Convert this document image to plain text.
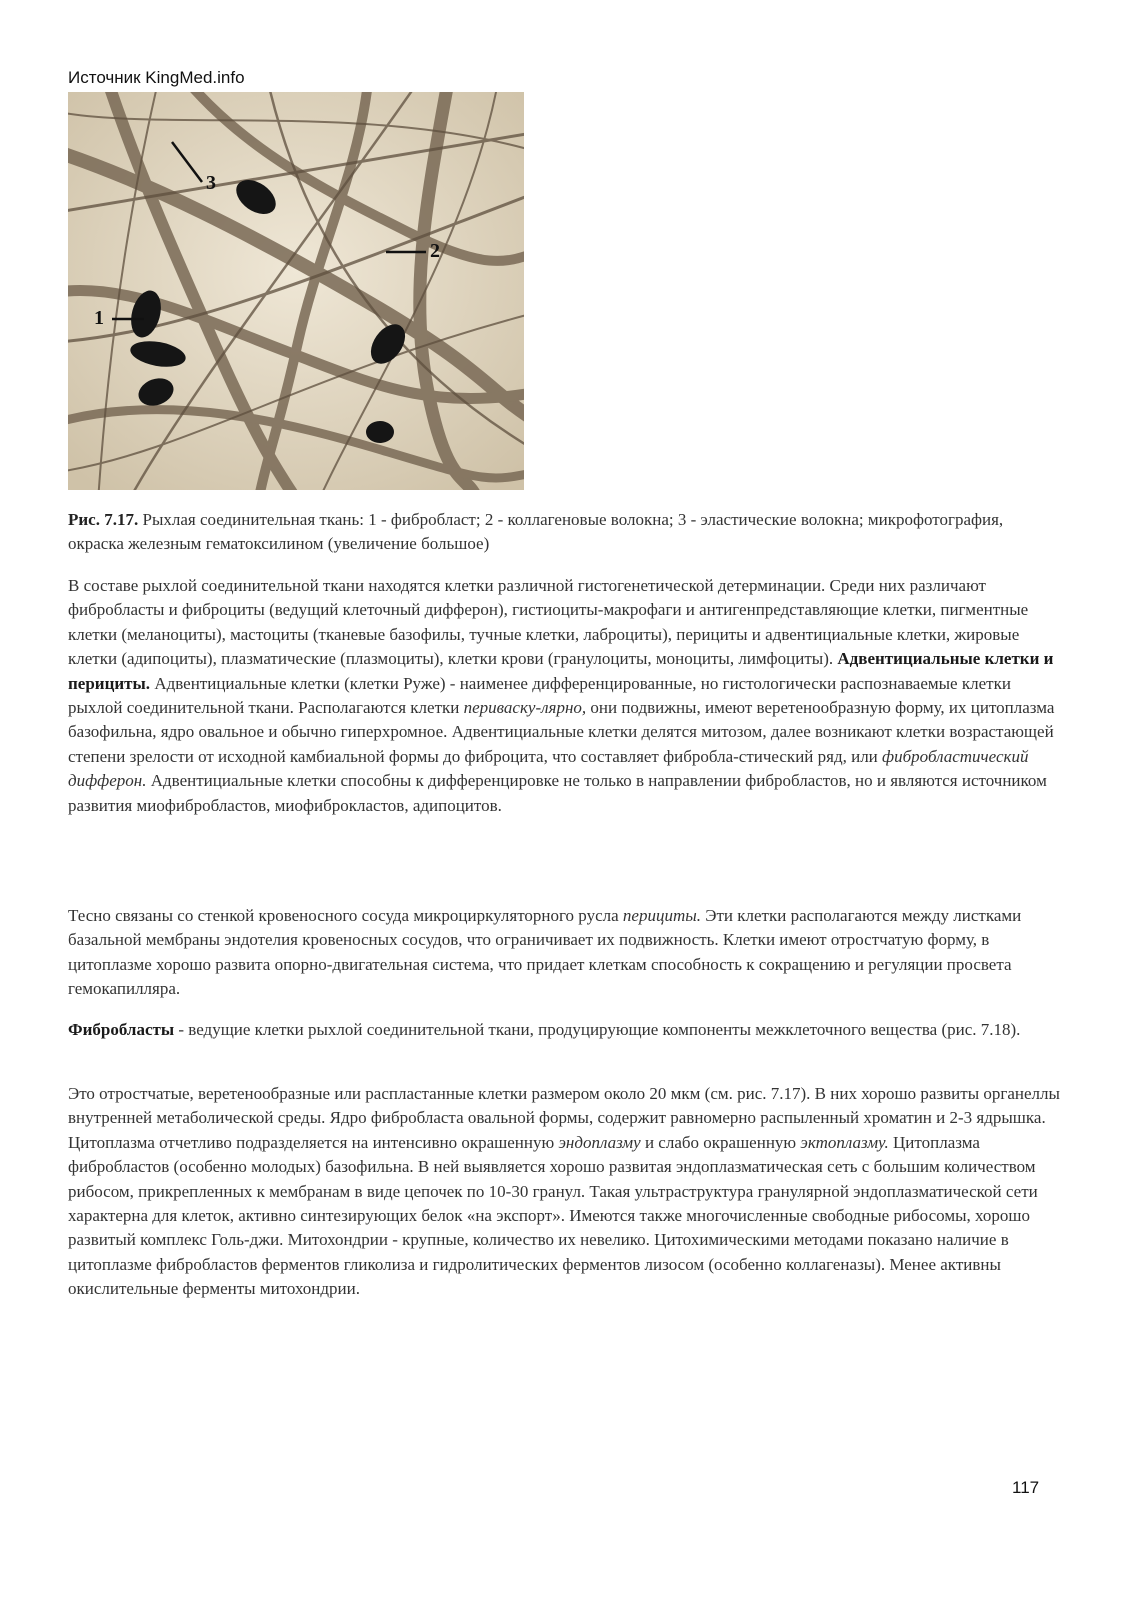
Источник KingMed.info
3
2
1
Рис. 7.17. Рыхлая соединительная ткань: 1 - фибробласт; 2 - коллагеновые волокна; 3 - эластические волокна; микрофотография, окраска железным гематоксилином (увеличение большое)

В составе рыхлой соединительной ткани находятся клетки различной гистогенетической детерминации. Среди них различают фибробласты и фиброциты (ведущий клеточный дифферон), гистиоциты-макрофаги и антигенпредставляющие клетки, пигментные клетки (меланоциты), мастоциты (тканевые базофилы, тучные клетки, лаброциты), перициты и адвентициальные клетки, жировые клетки (адипоциты), плазматические (плазмоциты), клетки крови (гранулоциты, моноциты, лимфоциты). Адвентициальные клетки и перициты. Адвентициальные клетки (клетки Руже) - наименее дифференцированные, но гистологически распознаваемые клетки рыхлой соединительной ткани. Располагаются клетки периваску-лярно, они подвижны, имеют веретенообразную форму, их цитоплазма базофильна, ядро овальное и обычно гиперхромное. Адвентициальные клетки делятся митозом, далее возникают клетки возрастающей степени зрелости от исходной камбиальной формы до фиброцита, что составляет фибробла-стический ряд, или фибробластический дифферон. Адвентициальные клетки способны к дифференцировке не только в направлении фибробластов, но и являются источником развития миофибробластов, миофиброкластов, адипоцитов.

Тесно связаны со стенкой кровеносного сосуда микроциркуляторного русла перициты. Эти клетки располагаются между листками базальной мембраны эндотелия кровеносных сосудов, что ограничивает их подвижность. Клетки имеют отростчатую форму, в цитоплазме хорошо развита опорно-двигательная система, что придает клеткам способность к сокращению и регуляции просвета гемокапилляра.

Фибробласты - ведущие клетки рыхлой соединительной ткани, продуцирующие компоненты межклеточного вещества (рис. 7.18).

Это отростчатые, веретенообразные или распластанные клетки размером около 20 мкм (см. рис. 7.17). В них хорошо развиты органеллы внутренней метаболической среды. Ядро фибробласта овальной формы, содержит равномерно распыленный хроматин и 2-3 ядрышка. Цитоплазма отчетливо подразделяется на интенсивно окрашенную эндоплазму и слабо окрашенную эктоплазму. Цитоплазма фибробластов (особенно молодых) базофильна. В ней выявляется хорошо развитая эндоплазматическая сеть с большим количеством рибосом, прикрепленных к мембранам в виде цепочек по 10-30 гранул. Такая ультраструктура гранулярной эндоплазматической сети характерна для клеток, активно синтезирующих белок «на экспорт». Имеются также многочисленные свободные рибосомы, хорошо развитый комплекс Голь-джи. Митохондрии - крупные, количество их невелико. Цитохимическими методами показано наличие в цитоплазме фибробластов ферментов гликолиза и гидролитических ферментов лизосом (особенно коллагеназы). Менее активны окислительные ферменты митохондрии.

117
